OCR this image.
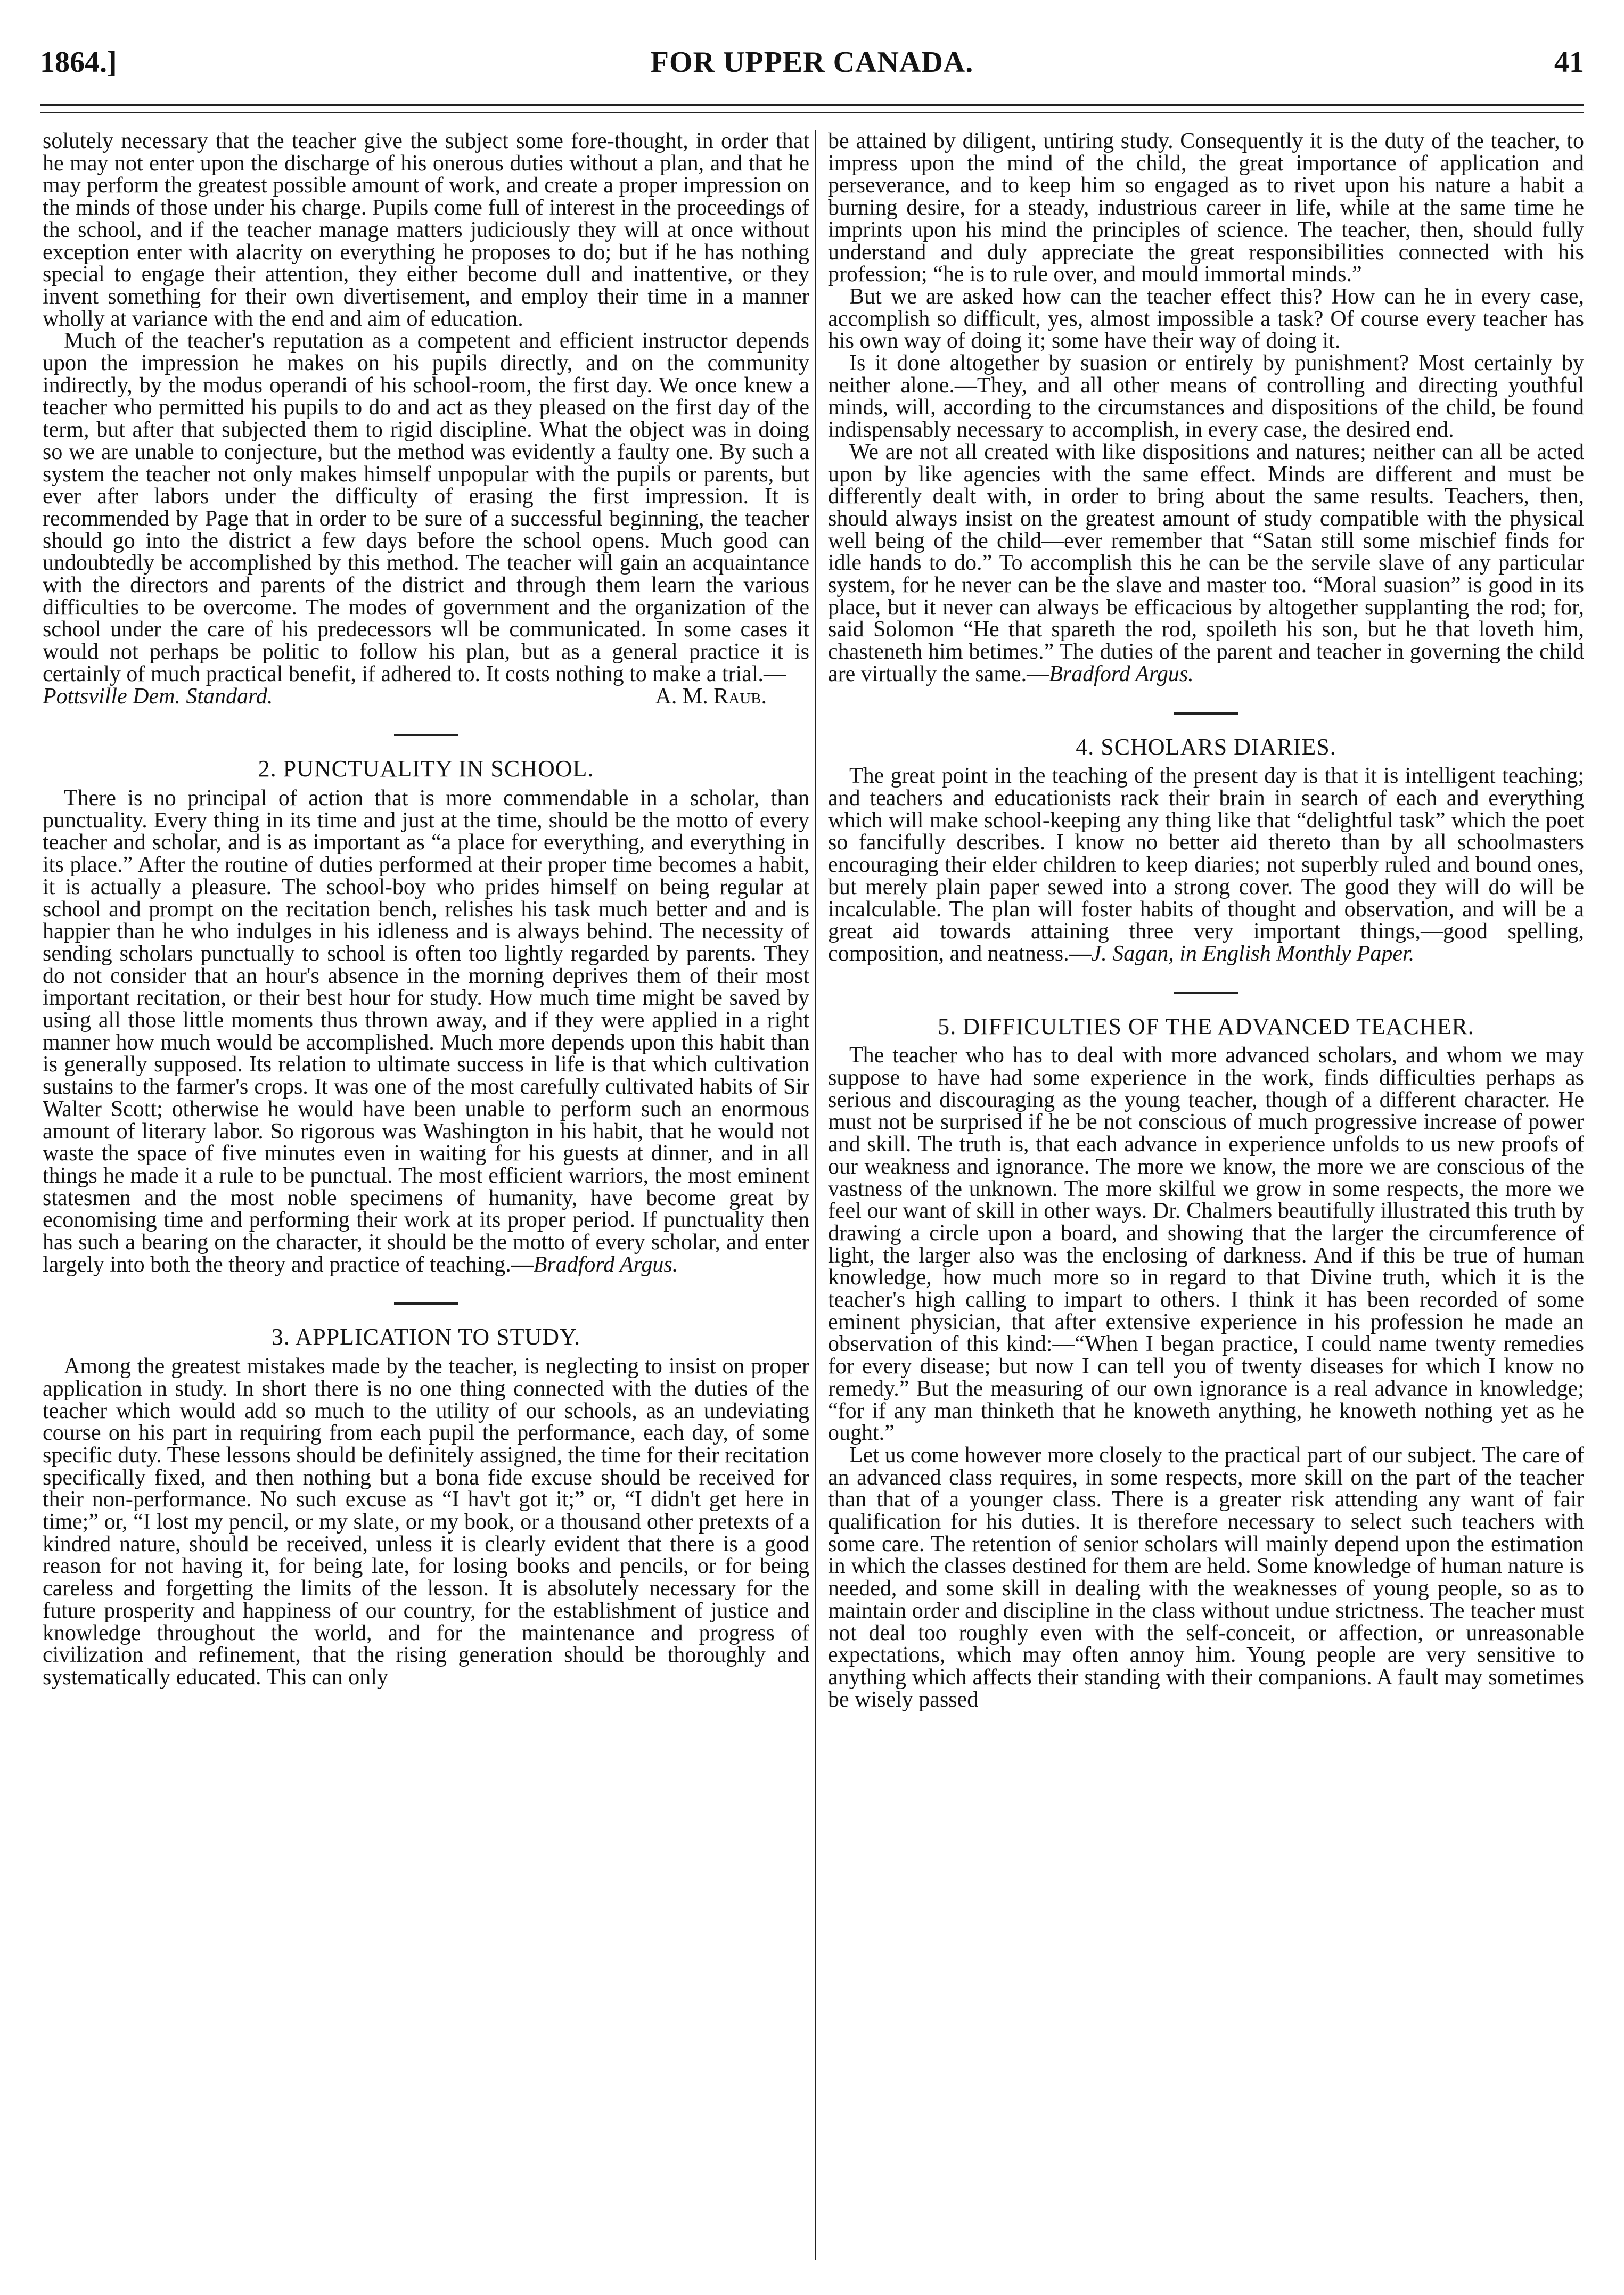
1864.]	FOR UPPER CANADA.	41

solutely necessary that the teacher give the subject some fore-thought, in order that he may not enter upon the discharge of his onerous duties without a plan, and that he may perform the greatest possible amount of work, and create a proper impression on the minds of those under his charge. Pupils come full of interest in the proceedings of the school, and if the teacher manage matters judiciously they will at once without exception enter with alacrity on everything he proposes to do; but if he has nothing special to engage their attention, they either become dull and inattentive, or they invent something for their own divertisement, and employ their time in a manner wholly at variance with the end and aim of education.

Much of the teacher's reputation as a competent and efficient instructor depends upon the impression he makes on his pupils directly, and on the community indirectly, by the modus operandi of his school-room, the first day. We once knew a teacher who permitted his pupils to do and act as they pleased on the first day of the term, but after that subjected them to rigid discipline. What the object was in doing so we are unable to conjecture, but the method was evidently a faulty one. By such a system the teacher not only makes himself unpopular with the pupils or parents, but ever after labors under the difficulty of erasing the first impression. It is recommended by Page that in order to be sure of a successful beginning, the teacher should go into the district a few days before the school opens. Much good can undoubtedly be accomplished by this method. The teacher will gain an acquaintance with the directors and parents of the district and through them learn the various difficulties to be overcome. The modes of government and the organization of the school under the care of his predecessors wll be communicated. In some cases it would not perhaps be politic to follow his plan, but as a general practice it is certainly of much practical benefit, if adhered to. It costs nothing to make a trial.—

Pottsville Dem. Standard.	A. M. Raub.
2. PUNCTUALITY IN SCHOOL.

There is no principal of action that is more commendable in a scholar, than punctuality. Every thing in its time and just at the time, should be the motto of every teacher and scholar, and is as important as “a place for everything, and everything in its place.” After the routine of duties performed at their proper time becomes a habit, it is actually a pleasure. The school-boy who prides himself on being regular at school and prompt on the recitation bench, relishes his task much better and and is happier than he who indulges in his idleness and is always behind. The necessity of sending scholars punctually to school is often too lightly regarded by parents. They do not consider that an hour's absence in the morning deprives them of their most important recitation, or their best hour for study. How much time might be saved by using all those little moments thus thrown away, and if they were applied in a right manner how much would be accomplished. Much more depends upon this habit than is generally supposed. Its relation to ultimate success in life is that which cultivation sustains to the farmer's crops. It was one of the most carefully cultivated habits of Sir Walter Scott; otherwise he would have been unable to perform such an enormous amount of literary labor. So rigorous was Washington in his habit, that he would not waste the space of five minutes even in waiting for his guests at dinner, and in all things he made it a rule to be punctual. The most efficient warriors, the most eminent statesmen and the most noble specimens of humanity, have become great by economising time and performing their work at its proper period. If punctuality then has such a bearing on the character, it should be the motto of every scholar, and enter largely into both the theory and practice of teaching.—Bradford Argus.

3. APPLICATION TO STUDY.

Among the greatest mistakes made by the teacher, is neglecting to insist on proper application in study. In short there is no one thing connected with the duties of the teacher which would add so much to the utility of our schools, as an undeviating course on his part in requiring from each pupil the performance, each day, of some specific duty. These lessons should be definitely assigned, the time for their recitation specifically fixed, and then nothing but a bona fide excuse should be received for their non-performance. No such excuse as “I hav't got it;” or, “I didn't get here in time;” or, “I lost my pencil, or my slate, or my book, or a thousand other pretexts of a kindred nature, should be received, unless it is clearly evident that there is a good reason for not having it, for being late, for losing books and pencils, or for being careless and forgetting the limits of the lesson. It is absolutely necessary for the future prosperity and happiness of our country, for the establishment of justice and knowledge throughout the world, and for the maintenance and progress of civilization and refinement, that the rising generation should be thoroughly and systematically educated. This can only

be attained by diligent, untiring study. Consequently it is the duty of the teacher, to impress upon the mind of the child, the great importance of application and perseverance, and to keep him so engaged as to rivet upon his nature a habit a burning desire, for a steady, industrious career in life, while at the same time he imprints upon his mind the principles of science. The teacher, then, should fully understand and duly appreciate the great responsibilities connected with his profession; “he is to rule over, and mould immortal minds.”

But we are asked how can the teacher effect this? How can he in every case, accomplish so difficult, yes, almost impossible a task? Of course every teacher has his own way of doing it; some have their way of doing it.

Is it done altogether by suasion or entirely by punishment? Most certainly by neither alone.—They, and all other means of controlling and directing youthful minds, will, according to the circumstances and dispositions of the child, be found indispensably necessary to accomplish, in every case, the desired end.

We are not all created with like dispositions and natures; neither can all be acted upon by like agencies with the same effect. Minds are different and must be differently dealt with, in order to bring about the same results. Teachers, then, should always insist on the greatest amount of study compatible with the physical well being of the child—ever remember that “Satan still some mischief finds for idle hands to do.” To accomplish this he can be the servile slave of any particular system, for he never can be the slave and master too. “Moral suasion” is good in its place, but it never can always be efficacious by altogether supplanting the rod; for, said Solomon “He that spareth the rod, spoileth his son, but he that loveth him, chasteneth him betimes.” The duties of the parent and teacher in governing the child are virtually the same.—Bradford Argus.

4. SCHOLARS DIARIES.

The great point in the teaching of the present day is that it is intelligent teaching; and teachers and educationists rack their brain in search of each and everything which will make school-keeping any thing like that “delightful task” which the poet so fancifully describes. I know no better aid thereto than by all schoolmasters encouraging their elder children to keep diaries; not superbly ruled and bound ones, but merely plain paper sewed into a strong cover. The good they will do will be incalculable. The plan will foster habits of thought and observation, and will be a great aid towards attaining three very important things,—good spelling, composition, and neatness.—J. Sagan, in English Monthly Paper.

5. DIFFICULTIES OF THE ADVANCED TEACHER.

The teacher who has to deal with more advanced scholars, and whom we may suppose to have had some experience in the work, finds difficulties perhaps as serious and discouraging as the young teacher, though of a different character. He must not be surprised if he be not conscious of much progressive increase of power and skill. The truth is, that each advance in experience unfolds to us new proofs of our weakness and ignorance. The more we know, the more we are conscious of the vastness of the unknown. The more skilful we grow in some respects, the more we feel our want of skill in other ways. Dr. Chalmers beautifully illustrated this truth by drawing a circle upon a board, and showing that the larger the circumference of light, the larger also was the enclosing of darkness. And if this be true of human knowledge, how much more so in regard to that Divine truth, which it is the teacher's high calling to impart to others. I think it has been recorded of some eminent physician, that after extensive experience in his profession he made an observation of this kind:—“When I began practice, I could name twenty remedies for every disease; but now I can tell you of twenty diseases for which I know no remedy.” But the measuring of our own ignorance is a real advance in knowledge; “for if any man thinketh that he knoweth anything, he knoweth nothing yet as he ought.”

Let us come however more closely to the practical part of our subject. The care of an advanced class requires, in some respects, more skill on the part of the teacher than that of a younger class. There is a greater risk attending any want of fair qualification for his duties. It is therefore necessary to select such teachers with some care. The retention of senior scholars will mainly depend upon the estimation in which the classes destined for them are held. Some knowledge of human nature is needed, and some skill in dealing with the weaknesses of young people, so as to maintain order and discipline in the class without undue strictness. The teacher must not deal too roughly even with the self-conceit, or affection, or unreasonable expectations, which may often annoy him. Young people are very sensitive to anything which affects their standing with their companions. A fault may sometimes be wisely passed
